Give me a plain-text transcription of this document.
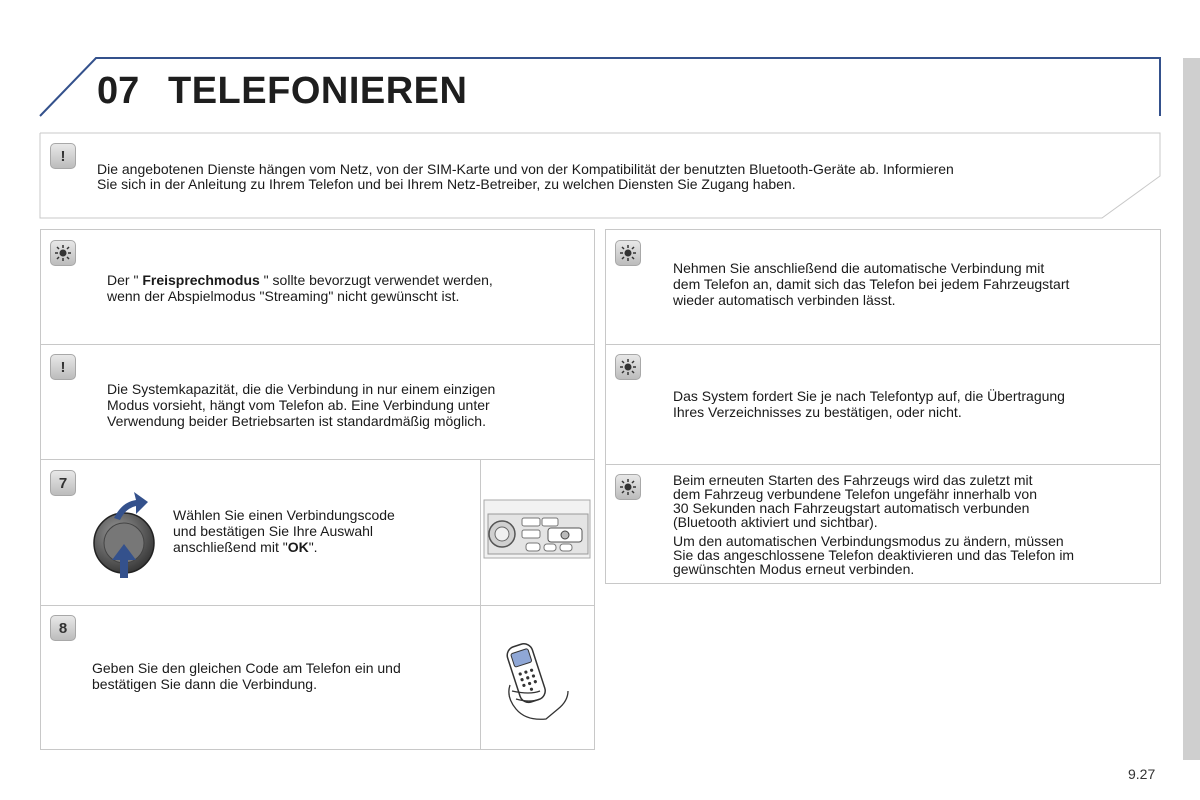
07 TELEFONIEREN
!
Die angebotenen Dienste hängen vom Netz, von der SIM-Karte und von der Kompatibilität der benutzten Bluetooth-Geräte ab. Informieren
Sie sich in der Anleitung zu Ihrem Telefon und bei Ihrem Netz-Betreiber, zu welchen Diensten Sie Zugang haben.
Der " Freisprechmodus " sollte bevorzugt verwendet werden,
wenn der Abspielmodus "Streaming" nicht gewünscht ist.
!
Die Systemkapazität, die die Verbindung in nur einem einzigen
Modus vorsieht, hängt vom Telefon ab. Eine Verbindung unter
Verwendung beider Betriebsarten ist standardmäßig möglich.
7
Wählen Sie einen Verbindungscode
und bestätigen Sie Ihre Auswahl
anschließend mit "OK".
8
Geben Sie den gleichen Code am Telefon ein und
bestätigen Sie dann die Verbindung.
Nehmen Sie anschließend die automatische Verbindung mit
dem Telefon an, damit sich das Telefon bei jedem Fahrzeugstart
wieder automatisch verbinden lässt.
Das System fordert Sie je nach Telefontyp auf, die Übertragung
Ihres Verzeichnisses zu bestätigen, oder nicht.
Beim erneuten Starten des Fahrzeugs wird das zuletzt mit
dem Fahrzeug verbundene Telefon ungefähr innerhalb von
30 Sekunden nach Fahrzeugstart automatisch verbunden
(Bluetooth aktiviert und sichtbar).
Um den automatischen Verbindungsmodus zu ändern, müssen
Sie das angeschlossene Telefon deaktivieren und das Telefon im
gewünschten Modus erneut verbinden.
9.27
